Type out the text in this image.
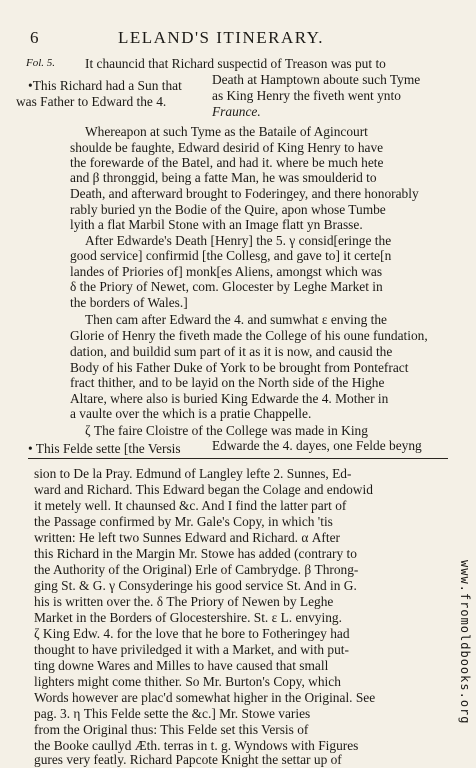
6	LELAND'S ITINERARY.
Fol. 5.
•This Richard had a Sun that
was Father to Edward the 4.
It chauncid that Richard suspectid of Treason was put to
Death at Hamptown aboute such Tyme
as King Henry the fiveth went ynto
Fraunce.
Whereapon at such Tyme as the Bataile of Agincourt
shoulde be faughte, Edward desirid of King Henry to have
the forewarde of the Batel, and had it. where be much hete
and β thronggid, being a fatte Man, he was smoulderid to
Death, and afterward brought to Foderingey, and there honorably
rably buried yn the Bodie of the Quire, apon whose Tumbe
lyith a flat Marbil Stone with an Image flatt yn Brasse.
After Edwarde's Death [Henry] the 5. γ consid[eringe the
good service] confirmid [the Collesg, and gave to] it certe[n
landes of Priories of] monk[es Aliens, amongst which was
δ the Priory of Newet, com. Glocester by Leghe Market in
the borders of Wales.]
Then cam after Edward the 4. and sumwhat ε enving the
Glorie of Henry the fiveth made the College of his oune fundation,
dation, and buildid sum part of it as it is now, and causid the
Body of his Father Duke of York to be brought from Pontefract
fract thither, and to be layid on the North side of the Highe
Altare, where also is buried King Edwarde the 4. Mother in
a vaulte over the which is a pratie Chappelle.
ζ The faire Cloistre of the College was made in King
Edwarde the 4. dayes, one Felde beyng
• This Felde sette [the Versis
sion to De la Pray. Edmund of Langley lefte 2. Sunnes, Ed-
ward and Richard. This Edward began the Colage and endowid
it metely well. It chaunsed &c. And I find the latter part of
the Passage confirmed by Mr. Gale's Copy, in which 'tis
written: He left two Sunnes Edward and Richard. α After
this Richard in the Margin Mr. Stowe has added (contrary to
the Authority of the Original) Erle of Cambrydge. β Throng-
ging St. & G. γ Consyderinge his good service St. And in G.
his is written over the. δ The Priory of Newen by Leghe
Market in the Borders of Glocestershire. St. ε L. envying.
ζ King Edw. 4. for the love that he bore to Fotheringey had
thought to have priviledged it with a Market, and with put-
ting downe Wares and Milles to have caused that small
lighters might come thither. So Mr. Burton's Copy, which
Words however are plac'd somewhat higher in the Original. See
pag. 3. η This Felde sette the &c.] Mr. Stowe varies
from the Original thus: This Felde set this Versis of
the Booke caullyd Æth. terras in t. g. Wyndows with Figures
gures very featly. Richard Papcote Knight the settar up of
www.fromoldbooks.org
